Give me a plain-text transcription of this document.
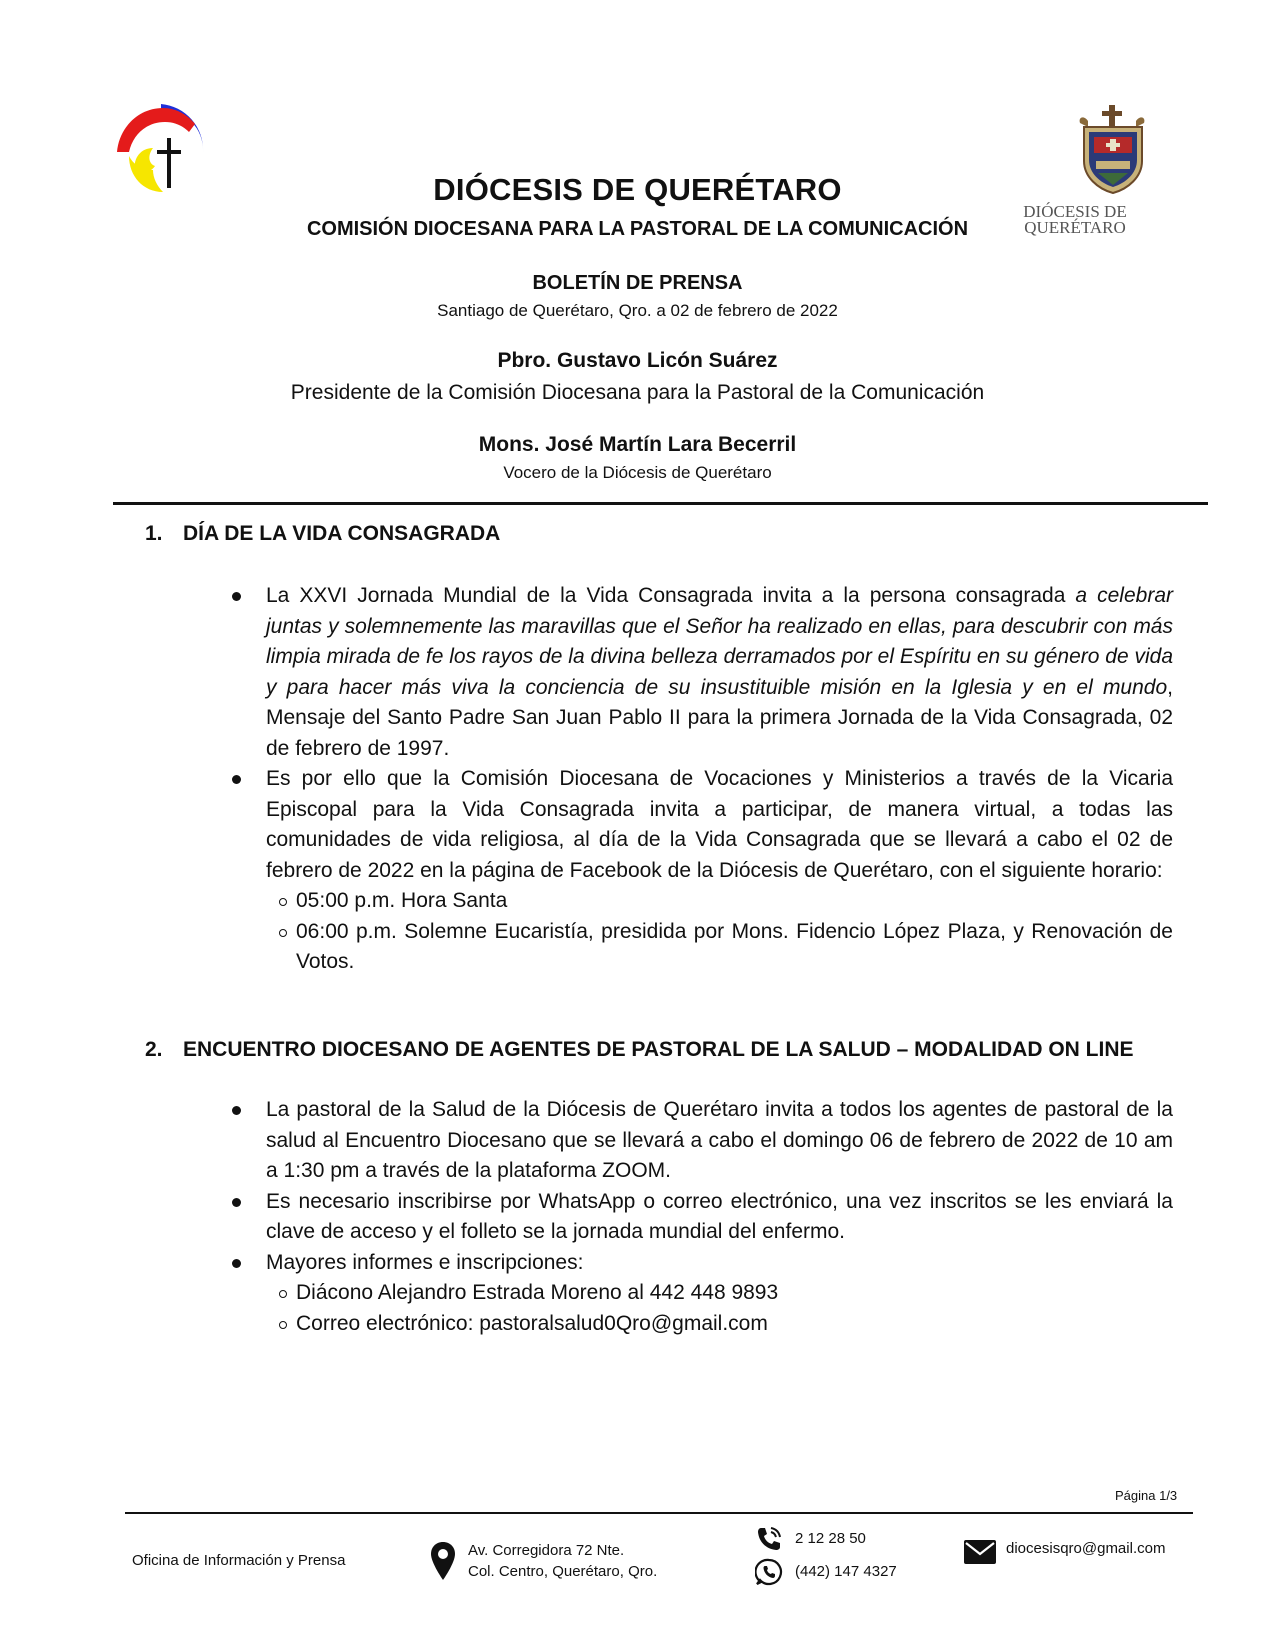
DIÓCESIS DE
QUERÉTARO
DIÓCESIS DE QUERÉTARO
COMISIÓN DIOCESANA PARA LA PASTORAL DE LA COMUNICACIÓN
BOLETÍN DE PRENSA
Santiago de Querétaro, Qro. a 02 de febrero de 2022
Pbro. Gustavo Licón Suárez
Presidente de la Comisión Diocesana para la Pastoral de la Comunicación
Mons. José Martín Lara Becerril
Vocero de la Diócesis de Querétaro
1. DÍA DE LA VIDA CONSAGRADA
La XXVI Jornada Mundial de la Vida Consagrada invita a la persona consagrada a celebrar juntas y solemnemente las maravillas que el Señor ha realizado en ellas, para descubrir con más limpia mirada de fe los rayos de la divina belleza derramados por el Espíritu en su género de vida y para hacer más viva la conciencia de su insustituible misión en la Iglesia y en el mundo, Mensaje del Santo Padre San Juan Pablo II para la primera Jornada de la Vida Consagrada, 02 de febrero de 1997.
Es por ello que la Comisión Diocesana de Vocaciones y Ministerios a través de la Vicaria Episcopal para la Vida Consagrada invita a participar, de manera virtual, a todas las comunidades de vida religiosa, al día de la Vida Consagrada que se llevará a cabo el 02 de febrero de 2022 en la página de Facebook de la Diócesis de Querétaro, con el siguiente horario:
05:00 p.m. Hora Santa
06:00 p.m. Solemne Eucaristía, presidida por Mons. Fidencio López Plaza, y Renovación de Votos.
2. ENCUENTRO DIOCESANO DE AGENTES DE PASTORAL DE LA SALUD – MODALIDAD ON LINE
La pastoral de la Salud de la Diócesis de Querétaro invita a todos los agentes de pastoral de la salud al Encuentro Diocesano que se llevará a cabo el domingo 06 de febrero de 2022 de 10 am a 1:30 pm a través de la plataforma ZOOM.
Es necesario inscribirse por WhatsApp o correo electrónico, una vez inscritos se les enviará la clave de acceso y el folleto se la jornada mundial del enfermo.
Mayores informes e inscripciones:
Diácono Alejandro Estrada Moreno al 442 448 9893
Correo electrónico: pastoralsalud0Qro@gmail.com
Página 1/3
Oficina de Información y Prensa
Av. Corregidora 72 Nte.
Col. Centro, Querétaro, Qro.
2 12 28 50
(442) 147 4327
diocesisqro@gmail.com
